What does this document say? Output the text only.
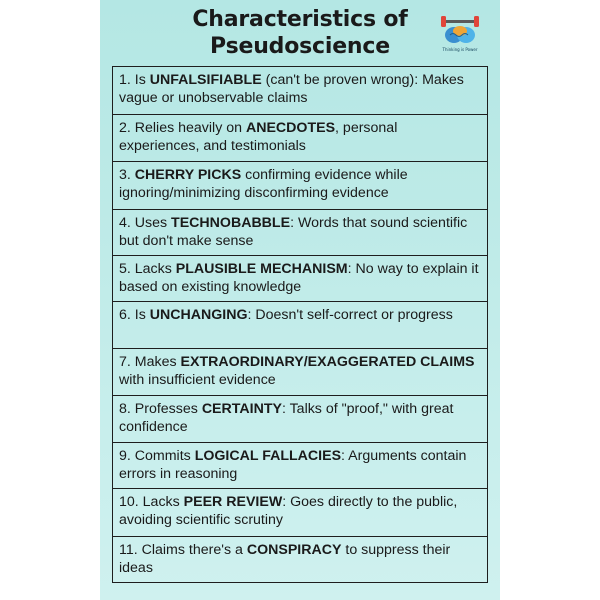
Characteristics of
Pseudoscience	Thinking is Power
1. Is UNFALSIFIABLE (can't be proven wrong): Makes vague or unobservable claims
2. Relies heavily on ANECDOTES, personal experiences, and testimonials
3. CHERRY PICKS confirming evidence while ignoring/minimizing disconfirming evidence
4. Uses TECHNOBABBLE: Words that sound scientific but don't make sense
5. Lacks PLAUSIBLE MECHANISM: No way to explain it based on existing knowledge
6. Is UNCHANGING: Doesn't self-correct or progress
7. Makes EXTRAORDINARY/EXAGGERATED CLAIMS with insufficient evidence
8. Professes CERTAINTY: Talks of "proof," with great confidence
9. Commits LOGICAL FALLACIES: Arguments contain errors in reasoning
10. Lacks PEER REVIEW: Goes directly to the public, avoiding scientific scrutiny
11. Claims there's a CONSPIRACY to suppress their ideas
